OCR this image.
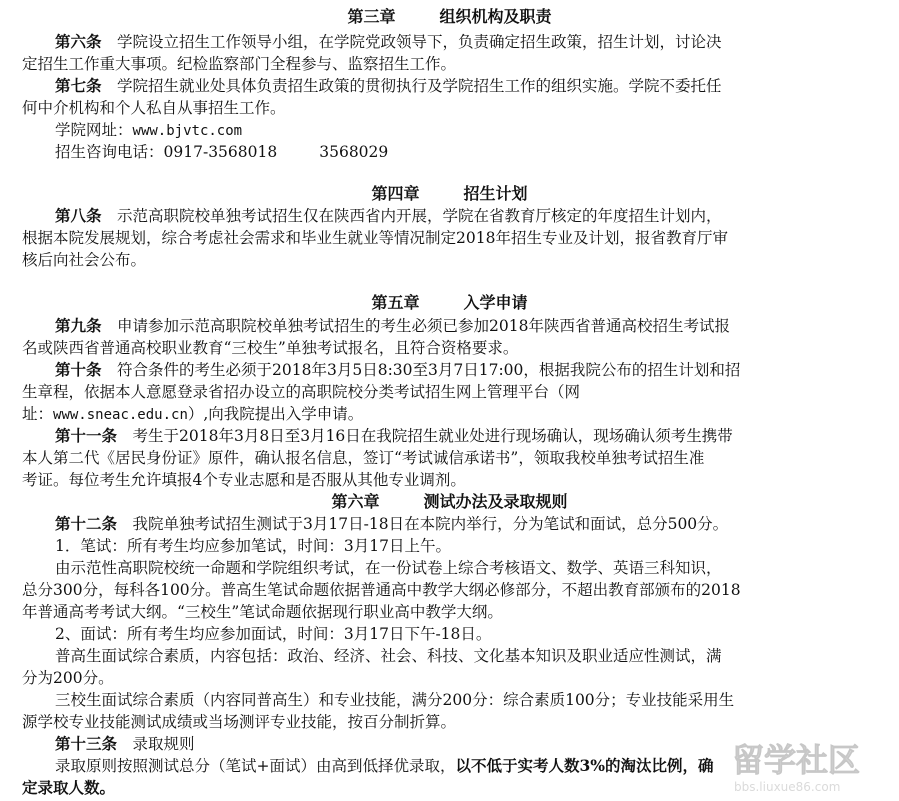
第三章	组织机构及职责
第六条　 学院设立招生工作领导小组，在学院党政领导下，负责确定招生政策，招生计划，讨论决
定招生工作重大事项。纪检监察部门全程参与、监察招生工作。
第七条　 学院招生就业处具体负责招生政策的贯彻执行及学院招生工作的组织实施。学院不委托任
何中介机构和个人私自从事招生工作。
学院网址：www.bjvtc.com
招生咨询电话：0917-3568018	3568029
第四章	招生计划
第八条　 示范高职院校单独考试招生仅在陕西省内开展，学院在省教育厅核定的年度招生计划内，
根据本院发展规划，综合考虑社会需求和毕业生就业等情况制定2018年招生专业及计划，报省教育厅审
核后向社会公布。
第五章	入学申请
第九条　 申请参加示范高职院校单独考试招生的考生必须已参加2018年陕西省普通高校招生考试报
名或陕西省普通高校职业教育“三校生”单独考试报名，且符合资格要求。
第十条　 符合条件的考生必须于2018年3月5日8:30至3月7日17:00，根据我院公布的招生计划和招
生章程，依据本人意愿登录省招办设立的高职院校分类考试招生网上管理平台（网
址：www.sneac.edu.cn）,向我院提出入学申请。
第十一条　 考生于2018年3月8日至3月16日在我院招生就业处进行现场确认，现场确认须考生携带
本人第二代《居民身份证》原件，确认报名信息，签订“考试诚信承诺书”，领取我校单独考试招生准
考证。每位考生允许填报4个专业志愿和是否服从其他专业调剂。
第六章	测试办法及录取规则
第十二条　 我院单独考试招生测试于3月17日-18日在本院内举行，分为笔试和面试，总分500分。
1．笔试：所有考生均应参加笔试，时间：3月17日上午。
由示范性高职院校统一命题和学院组织考试，在一份试卷上综合考核语文、数学、英语三科知识，
总分300分，每科各100分。普高生笔试命题依据普通高中教学大纲必修部分，不超出教育部颁布的2018
年普通高考考试大纲。“三校生”笔试命题依据现行职业高中教学大纲。
2、面试：所有考生均应参加面试，时间：3月17日下午-18日。
普高生面试综合素质，内容包括：政治、经济、社会、科技、文化基本知识及职业适应性测试，满
分为200分。
三校生面试综合素质（内容同普高生）和专业技能，满分200分：综合素质100分；专业技能采用生
源学校专业技能测试成绩或当场测评专业技能，按百分制折算。
第十三条　 录取规则
录取原则按照测试总分（笔试+面试）由高到低择优录取，以不低于实考人数3%的淘汰比例，确
定录取人数。
留学社区
bbs.liuxue86.com
